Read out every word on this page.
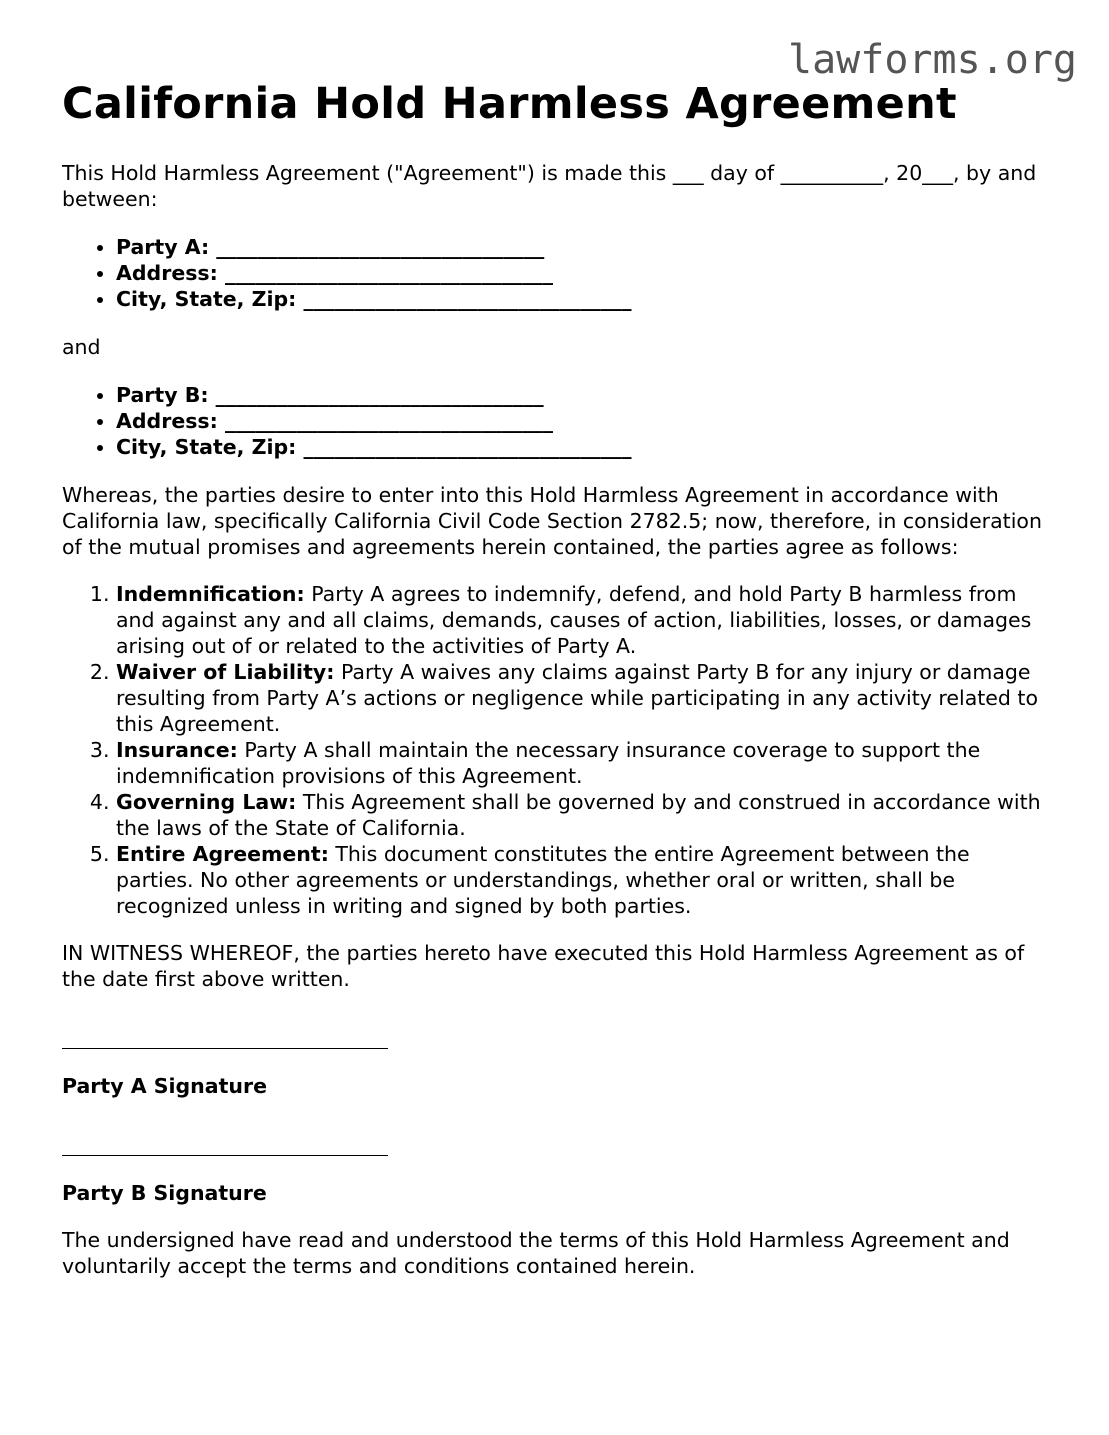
lawforms.org
California Hold Harmless Agreement

This Hold Harmless Agreement ("Agreement") is made this ___ day of __________, 20___, by and between:

• Party A: ________________________________
• Address: ________________________________
• City, State, Zip: ________________________________

and

• Party B: ________________________________
• Address: ________________________________
• City, State, Zip: ________________________________

Whereas, the parties desire to enter into this Hold Harmless Agreement in accordance with California law, specifically California Civil Code Section 2782.5; now, therefore, in consideration of the mutual promises and agreements herein contained, the parties agree as follows:

1. Indemnification: Party A agrees to indemnify, defend, and hold Party B harmless from and against any and all claims, demands, causes of action, liabilities, losses, or damages arising out of or related to the activities of Party A.
2. Waiver of Liability: Party A waives any claims against Party B for any injury or damage resulting from Party A’s actions or negligence while participating in any activity related to this Agreement.
3. Insurance: Party A shall maintain the necessary insurance coverage to support the indemnification provisions of this Agreement.
4. Governing Law: This Agreement shall be governed by and construed in accordance with the laws of the State of California.
5. Entire Agreement: This document constitutes the entire Agreement between the parties. No other agreements or understandings, whether oral or written, shall be recognized unless in writing and signed by both parties.

IN WITNESS WHEREOF, the parties hereto have executed this Hold Harmless Agreement as of the date first above written.

Party A Signature
Party B Signature

The undersigned have read and understood the terms of this Hold Harmless Agreement and voluntarily accept the terms and conditions contained herein.
